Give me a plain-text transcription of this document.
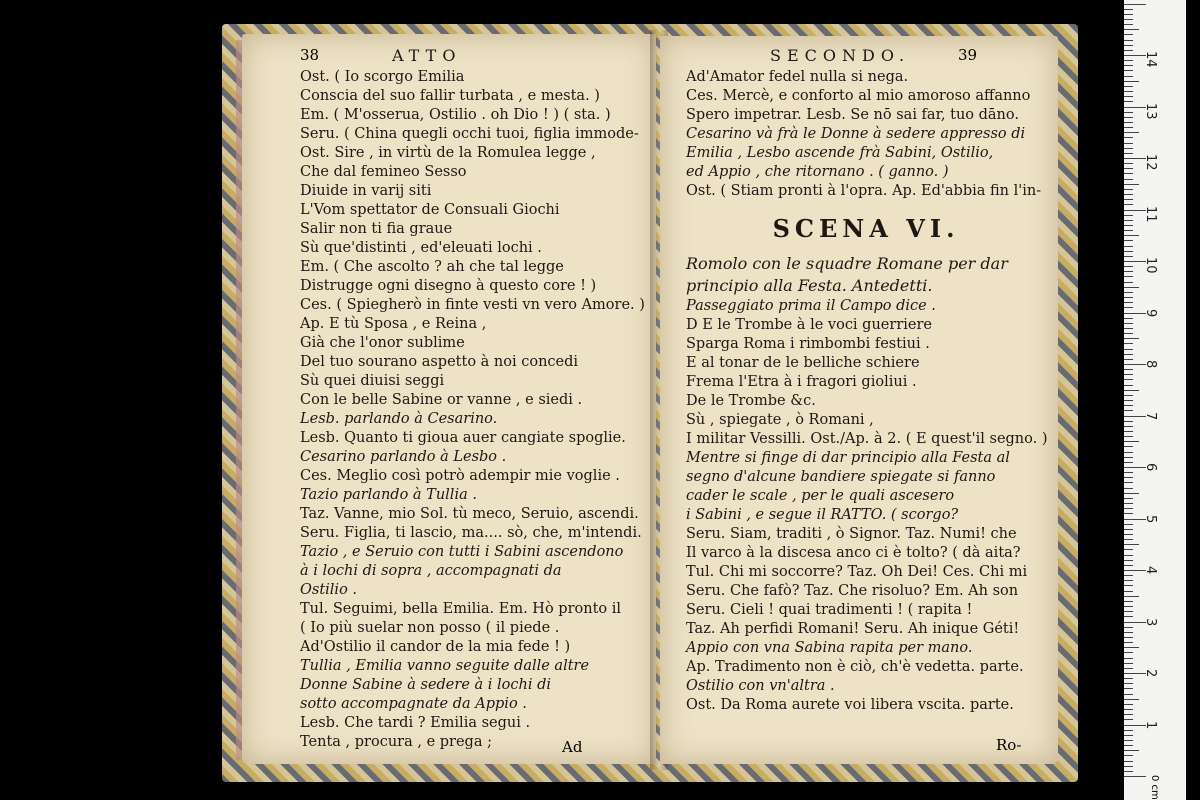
38	ATTO
Ost. ( Io scorgo Emilia
Conscia del suo fallir turbata , e mesta. )
Em. ( M'osserua, Ostilio . oh Dio ! ) ( sta. )
Seru. ( China quegli occhi tuoi, figlia immode-
Ost. Sire , in virtù de la Romulea legge ,
Che dal femineo Sesso
Diuide in varij siti
L'Vom spettator de Consuali Giochi
Salir non ti fia graue
Sù que'distinti , ed'eleuati lochi .
Em. ( Che ascolto ? ah che tal legge
Distrugge ogni disegno à questo core ! )
Ces. ( Spiegherò in finte vesti vn vero Amore. )
Ap. E tù Sposa , e Reina ,
Già che l'onor sublime
Del tuo sourano aspetto à noi concedi
Sù quei diuisi seggi
Con le belle Sabine or vanne , e siedi .
Lesb. parlando à Cesarino.
Lesb. Quanto ti gioua auer cangiate spoglie.
Cesarino parlando à Lesbo .
Ces. Meglio così potrò adempir mie voglie .
Tazio parlando à Tullia .
Taz. Vanne, mio Sol. tù meco, Seruio, ascendi.
Seru. Figlia, ti lascio, ma.... sò, che, m'intendi.
Tazio , e Seruio con tutti i Sabini ascendono
à i lochi di sopra , accompagnati da
Ostilio .
Tul. Seguimi, bella Emilia. Em. Hò pronto il
( Io più suelar non posso ( il piede .
Ad'Ostilio il candor de la mia fede ! )
Tullia , Emilia vanno seguite dalle altre
Donne Sabine à sedere à i lochi di
sotto accompagnate da Appio .
Lesb. Che tardi ? Emilia segui .
Tenta , procura , e prega ;	Ad
SECONDO.	39
Ad'Amator fedel nulla si nega.
Ces. Mercè, e conforto al mio amoroso affanno
Spero impetrar. Lesb. Se nō sai far, tuo dāno.
Cesarino và frà le Donne à sedere appresso di
Emilia , Lesbo ascende frà Sabini, Ostilio,
ed Appio , che ritornano . ( ganno. )
Ost. ( Stiam pronti à l'opra. Ap. Ed'abbia fin l'in-
SCENA VI.
Romolo con le squadre Romane per dar
principio alla Festa. Antedetti.
Passeggiato prima il Campo dice .
D E le Trombe à le voci guerriere
Sparga Roma i rimbombi festiui .
E al tonar de le belliche schiere
Frema l'Etra à i fragori gioliui .
De le Trombe &c.
Sù , spiegate , ò Romani ,
I militar Vessilli. Ost./Ap. à 2. ( E quest'il segno. )
Mentre si finge di dar principio alla Festa al
segno d'alcune bandiere spiegate si fanno
cader le scale , per le quali ascesero
i Sabini , e segue il RATTO. ( scorgo?
Seru. Siam, traditi , ò Signor. Taz. Numi! che
Il varco à la discesa anco ci è tolto? ( dà aita?
Tul. Chi mi soccorre? Taz. Oh Dei! Ces. Chi mi
Seru. Che fafò? Taz. Che risoluo? Em. Ah son
Seru. Cieli ! quai tradimenti ! ( rapita !
Taz. Ah perfidi Romani! Seru. Ah inique Géti!
Appio con vna Sabina rapita per mano.
Ap. Tradimento non è ciò, ch'è vedetta. parte.
Ostilio con vn'altra .
Ost. Da Roma aurete voi libera vscita. parte.
Ro-
1
2
3
4
5
6
7
8
9
10
11
12
13
14
0 cm
